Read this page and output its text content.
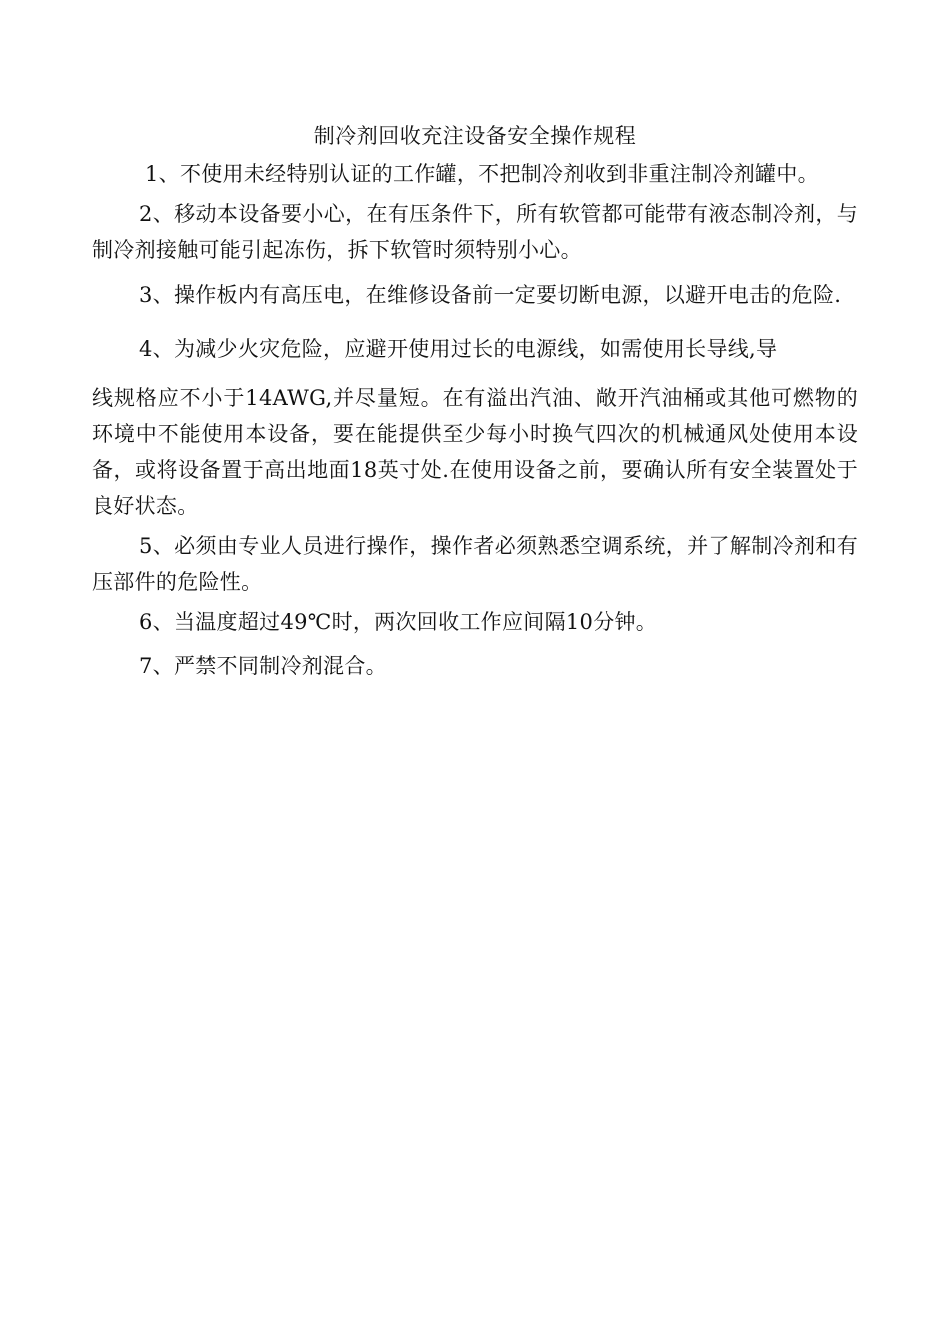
制冷剂回收充注设备安全操作规程

1、不使用未经特别认证的工作罐，不把制冷剂收到非重注制冷剂罐中。

2、移动本设备要小心，在有压条件下，所有软管都可能带有液态制冷剂，与制冷剂接触可能引起冻伤，拆下软管时须特别小心。

3、操作板内有高压电，在维修设备前一定要切断电源，以避开电击的危险.

4、为减少火灾危险，应避开使用过长的电源线，如需使用长导线,导

线规格应不小于14AWG,并尽量短。在有溢出汽油、敞开汽油桶或其他可燃物的环境中不能使用本设备，要在能提供至少每小时换气四次的机械通风处使用本设备，或将设备置于高出地面18英寸处.在使用设备之前，要确认所有安全装置处于良好状态。

5、必须由专业人员进行操作，操作者必须熟悉空调系统，并了解制冷剂和有压部件的危险性。

6、当温度超过49℃时，两次回收工作应间隔10分钟。

7、严禁不同制冷剂混合。
